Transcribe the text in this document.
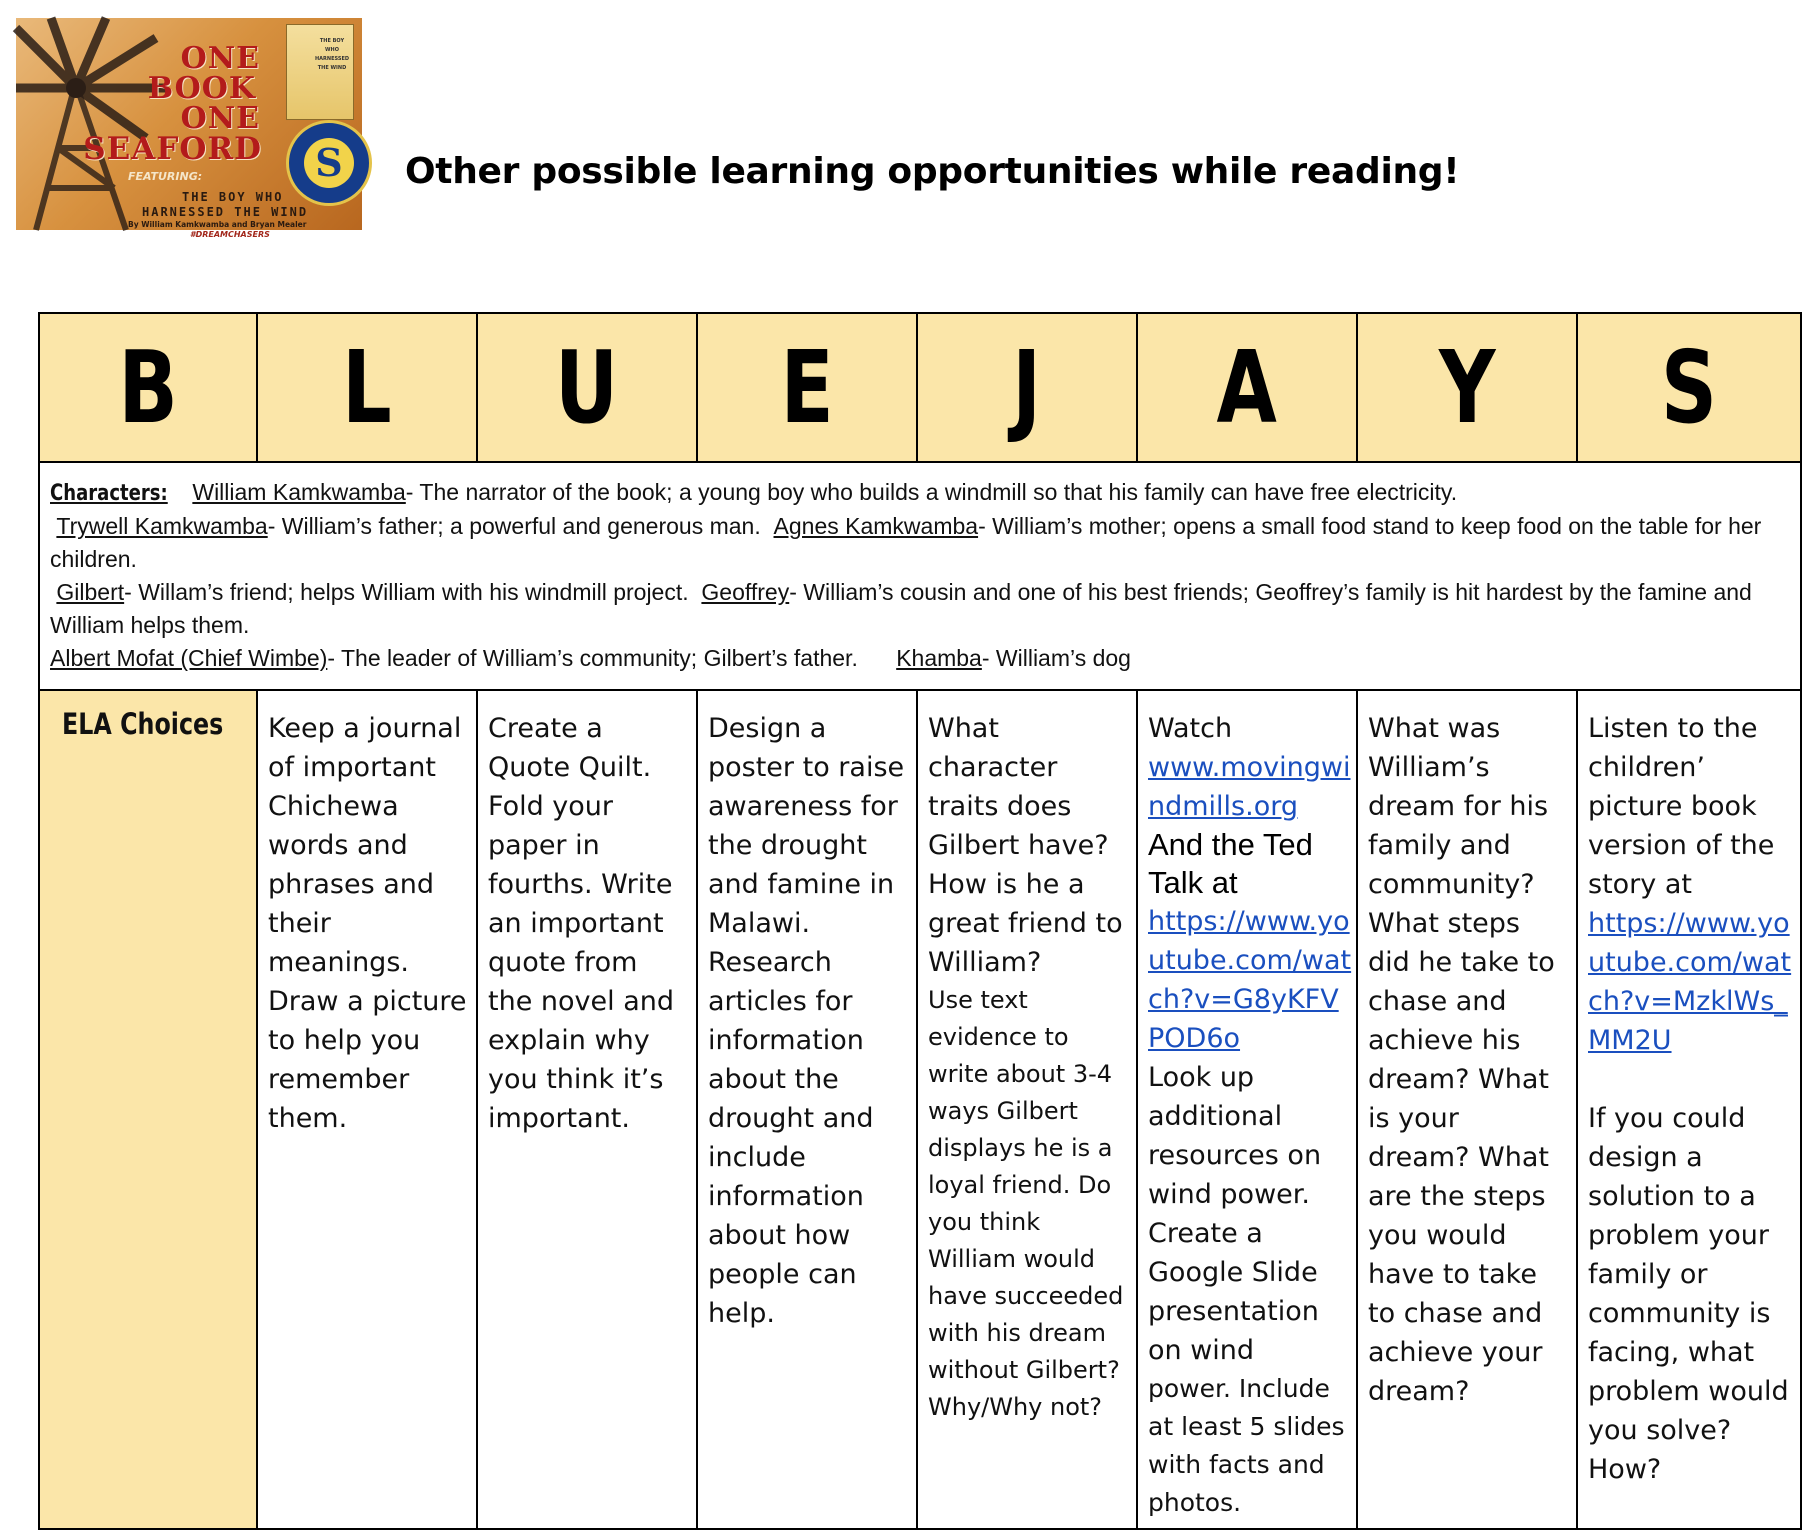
ONE
BOOK
ONE
SEAFORD
FEATURING:
THE BOY WHO
HARNESSED THE WIND
By William Kamkwamba and Bryan Mealer
#DREAMCHASERS
THE BOY WHO HARNESSED THE WIND
S	Other possible learning opportunities while reading!
B L U E J A Y S
ELA Choices
Characters: William Kamkwamba- The narrator of the book; a young boy who builds a windmill so that his family can have free electricity.
Trywell Kamkwamba- William’s father; a powerful and generous man. Agnes Kamkwamba- William’s mother; opens a small food stand to keep food on the table for her children.
Gilbert- Willam’s friend; helps William with his windmill project. Geoffrey- William’s cousin and one of his best friends; Geoffrey’s family is hit hardest by the famine and William helps them.
Albert Mofat (Chief Wimbe)- The leader of William’s community; Gilbert’s father. Khamba- William’s dog

Keep a journal of important Chichewa words and phrases and their meanings. Draw a picture to help you remember them.

Create a Quote Quilt. Fold your paper in fourths. Write an important quote from the novel and explain why you think it’s important.

Design a poster to raise awareness for the drought and famine in Malawi. Research articles for information about the drought and include information about how people can help.

What character traits does Gilbert have? How is he a great friend to William?

Use text evidence to write about 3-4 ways Gilbert displays he is a loyal friend. Do you think William would have succeeded with his dream without Gilbert? Why/Why not?

Watch

www.movingwindmills.org

And the Ted Talk at

https://www.youtube.com/watch?v=G8yKFVPOD6o

Look up additional resources on wind power. Create a Google Slide presentation on wind

power. Include at least 5 slides with facts and photos.

What was William’s dream for his family and community? What steps did he take to chase and achieve his dream? What is your dream? What are the steps you would have to take to chase and achieve your dream?

Listen to the children’ picture book version of the story at

https://www.youtube.com/watch?v=MzklWs_MM2U

If you could design a solution to a problem your family or community is facing, what problem would you solve? How?
